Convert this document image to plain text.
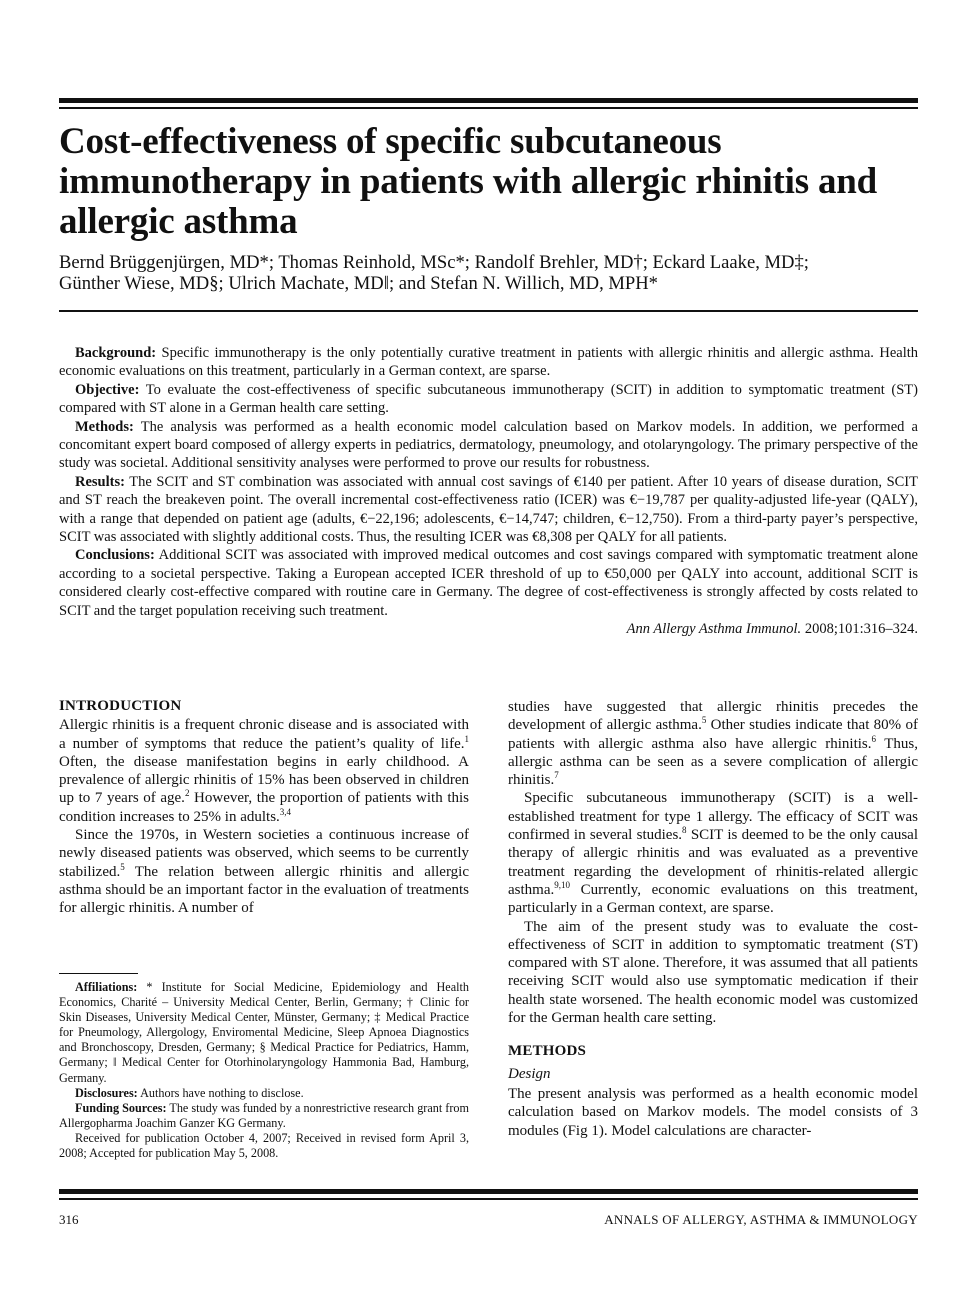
Cost-effectiveness of specific subcutaneous immunotherapy in patients with allergic rhinitis and allergic asthma
Bernd Brüggenjürgen, MD*; Thomas Reinhold, MSc*; Randolf Brehler, MD†; Eckard Laake, MD‡;
Günther Wiese, MD§; Ulrich Machate, MD‖; and Stefan N. Willich, MD, MPH*

Background: Specific immunotherapy is the only potentially curative treatment in patients with allergic rhinitis and allergic asthma. Health economic evaluations on this treatment, particularly in a German context, are sparse.

Objective: To evaluate the cost-effectiveness of specific subcutaneous immunotherapy (SCIT) in addition to symptomatic treatment (ST) compared with ST alone in a German health care setting.

Methods: The analysis was performed as a health economic model calculation based on Markov models. In addition, we performed a concomitant expert board composed of allergy experts in pediatrics, dermatology, pneumology, and otolaryngology. The primary perspective of the study was societal. Additional sensitivity analyses were performed to prove our results for robustness.

Results: The SCIT and ST combination was associated with annual cost savings of €140 per patient. After 10 years of disease duration, SCIT and ST reach the breakeven point. The overall incremental cost-effectiveness ratio (ICER) was €−19,787 per quality-adjusted life-year (QALY), with a range that depended on patient age (adults, €−22,196; adolescents, €−14,747; children, €−12,750). From a third-party payer’s perspective, SCIT was associated with slightly additional costs. Thus, the resulting ICER was €8,308 per QALY for all patients.

Conclusions: Additional SCIT was associated with improved medical outcomes and cost savings compared with symptomatic treatment alone according to a societal perspective. Taking a European accepted ICER threshold of up to €50,000 per QALY into account, additional SCIT is considered clearly cost-effective compared with routine care in Germany. The degree of cost-effectiveness is strongly affected by costs related to SCIT and the target population receiving such treatment.

Ann Allergy Asthma Immunol. 2008;101:316–324.
INTRODUCTION

Allergic rhinitis is a frequent chronic disease and is associated with a number of symptoms that reduce the patient’s quality of life.$^1$ Often, the disease manifestation begins in early childhood. A prevalence of allergic rhinitis of 15% has been observed in children up to 7 years of age.$^2$ However, the proportion of patients with this condition increases to 25% in adults.$^{3,4}$

Since the 1970s, in Western societies a continuous increase of newly diseased patients was observed, which seems to be currently stabilized.$^5$ The relation between allergic rhinitis and allergic asthma should be an important factor in the evaluation of treatments for allergic rhinitis. A number of

Affiliations: * Institute for Social Medicine, Epidemiology and Health Economics, Charité – University Medical Center, Berlin, Germany; † Clinic for Skin Diseases, University Medical Center, Münster, Germany; ‡ Medical Practice for Pneumology, Allergology, Enviromental Medicine, Sleep Apnoea Diagnostics and Bronchoscopy, Dresden, Germany; § Medical Practice for Pediatrics, Hamm, Germany; ‖ Medical Center for Otorhinolaryngology Hammonia Bad, Hamburg, Germany.

Disclosures: Authors have nothing to disclose.

Funding Sources: The study was funded by a nonrestrictive research grant from Allergopharma Joachim Ganzer KG Germany.

Received for publication October 4, 2007; Received in revised form April 3, 2008; Accepted for publication May 5, 2008.

studies have suggested that allergic rhinitis precedes the development of allergic asthma.$^5$ Other studies indicate that 80% of patients with allergic asthma also have allergic rhinitis.$^6$ Thus, allergic asthma can be seen as a severe complication of allergic rhinitis.$^7$

Specific subcutaneous immunotherapy (SCIT) is a well-established treatment for type 1 allergy. The efficacy of SCIT was confirmed in several studies.$^8$ SCIT is deemed to be the only causal therapy of allergic rhinitis and was evaluated as a preventive treatment regarding the development of rhinitis-related allergic asthma.$^{9,10}$ Currently, economic evaluations on this treatment, particularly in a German context, are sparse.

The aim of the present study was to evaluate the cost-effectiveness of SCIT in addition to symptomatic treatment (ST) compared with ST alone. Therefore, it was assumed that all patients receiving SCIT would also use symptomatic medication if their health state worsened. The health economic model was customized for the German health care setting.

METHODS
Design

The present analysis was performed as a health economic model calculation based on Markov models. The model consists of 3 modules (Fig 1). Model calculations are character-

316	ANNALS OF ALLERGY, ASTHMA & IMMUNOLOGY
